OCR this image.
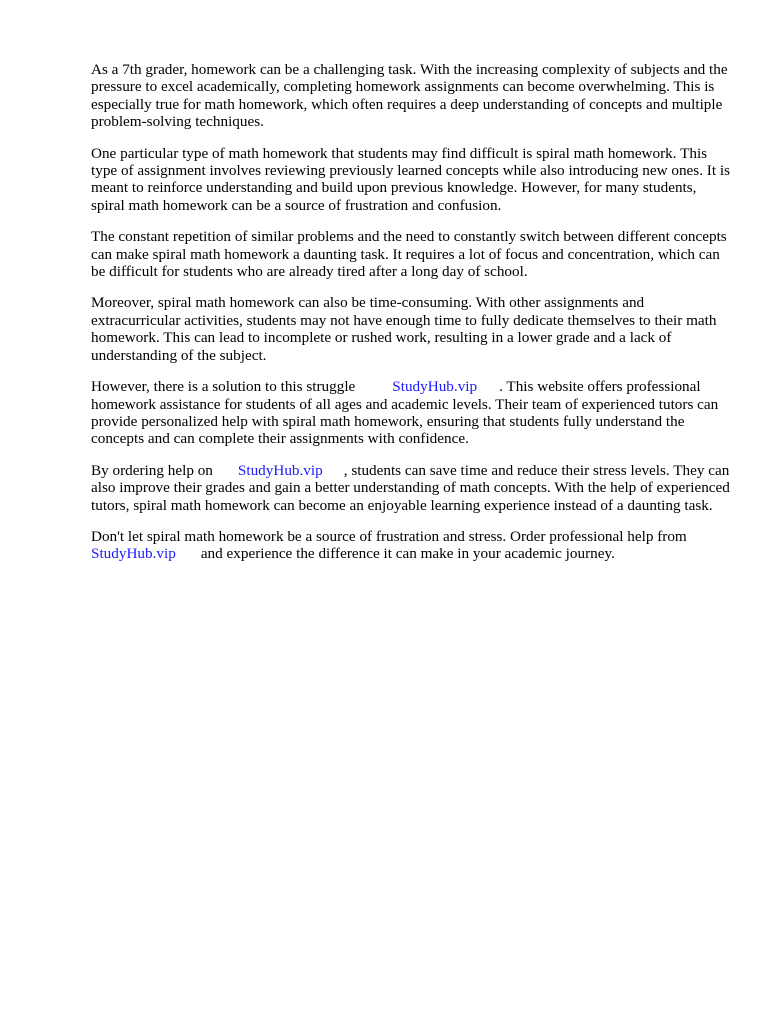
As a 7th grader, homework can be a challenging task. With the increasing complexity of subjects and the pressure to excel academically, completing homework assignments can become overwhelming. This is especially true for math homework, which often requires a deep understanding of concepts and multiple problem-solving techniques.

One particular type of math homework that students may find difficult is spiral math homework. This type of assignment involves reviewing previously learned concepts while also introducing new ones. It is meant to reinforce understanding and build upon previous knowledge. However, for many students, spiral math homework can be a source of frustration and confusion.

The constant repetition of similar problems and the need to constantly switch between different concepts can make spiral math homework a daunting task. It requires a lot of focus and concentration, which can be difficult for students who are already tired after a long day of school.

Moreover, spiral math homework can also be time-consuming. With other assignments and extracurricular activities, students may not have enough time to fully dedicate themselves to their math homework. This can lead to incomplete or rushed work, resulting in a lower grade and a lack of understanding of the subject.

However, there is a solution to this struggle StudyHub.vip . This website offers professional homework assistance for students of all ages and academic levels. Their team of experienced tutors can provide personalized help with spiral math homework, ensuring that students fully understand the concepts and can complete their assignments with confidence.

By ordering help on StudyHub.vip , students can save time and reduce their stress levels. They can also improve their grades and gain a better understanding of math concepts. With the help of experienced tutors, spiral math homework can become an enjoyable learning experience instead of a daunting task.

Don't let spiral math homework be a source of frustration and stress. Order professional help from StudyHub.vip and experience the difference it can make in your academic journey.
